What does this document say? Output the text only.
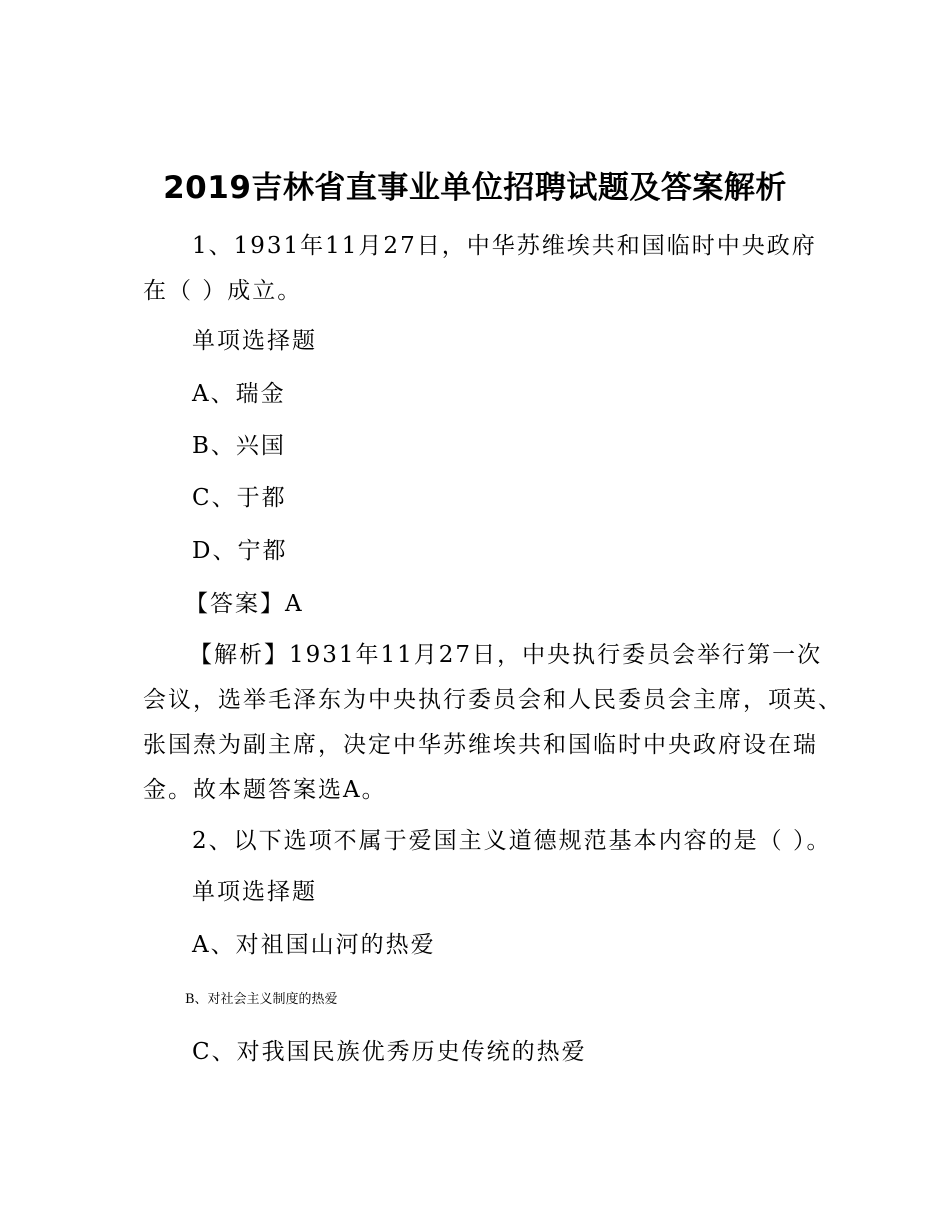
2019吉林省直事业单位招聘试题及答案解析
1、1931年11月27日，中华苏维埃共和国临时中央政府
在（ ）成立。
单项选择题
A、瑞金
B、兴国
C、于都
D、宁都
【答案】A
【解析】1931年11月27日，中央执行委员会举行第一次会议，选举毛泽东为中央执行委员会和人民委员会主席，项英、张国焘为副主席，决定中华苏维埃共和国临时中央政府设在瑞金。故本题答案选A。
2、以下选项不属于爱国主义道德规范基本内容的是（ ）。
单项选择题
A、对祖国山河的热爱
B、对社会主义制度的热爱
C、对我国民族优秀历史传统的热爱
